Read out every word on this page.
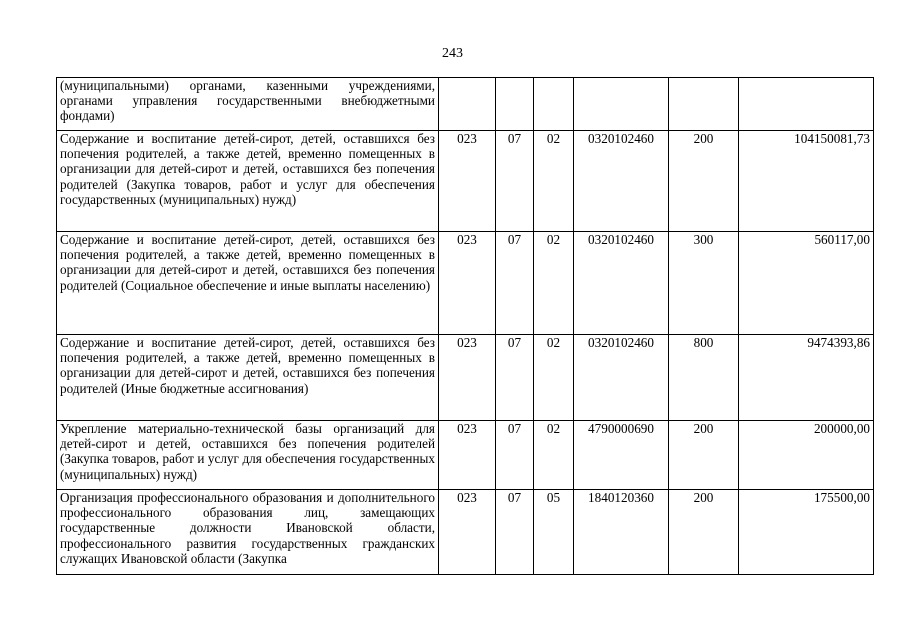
243
(муниципальными) органами, казенными учреждениями, органами управления государственными внебюджетными фондами)						
Содержание и воспитание детей-сирот, детей, оставшихся без попечения родителей, а также детей, временно помещенных в организации для детей-сирот и детей, оставшихся без попечения родителей (Закупка товаров, работ и услуг для обеспечения государственных (муниципальных) нужд)	023	07	02	0320102460	200	104150081,73
Содержание и воспитание детей-сирот, детей, оставшихся без попечения родителей, а также детей, временно помещенных в организации для детей-сирот и детей, оставшихся без попечения родителей (Социальное обеспечение и иные выплаты населению)	023	07	02	0320102460	300	560117,00
Содержание и воспитание детей-сирот, детей, оставшихся без попечения родителей, а также детей, временно помещенных в организации для детей-сирот и детей, оставшихся без попечения родителей (Иные бюджетные ассигнования)	023	07	02	0320102460	800	9474393,86
Укрепление материально-технической базы организаций для детей-сирот и детей, оставшихся без попечения родителей (Закупка товаров, работ и услуг для обеспечения государственных (муниципальных) нужд)	023	07	02	4790000690	200	200000,00
Организация профессионального образования и дополнительного профессионального образования лиц, замещающих государственные должности Ивановской области, профессионального развития государственных гражданских служащих Ивановской области (Закупка	023	07	05	1840120360	200	175500,00
